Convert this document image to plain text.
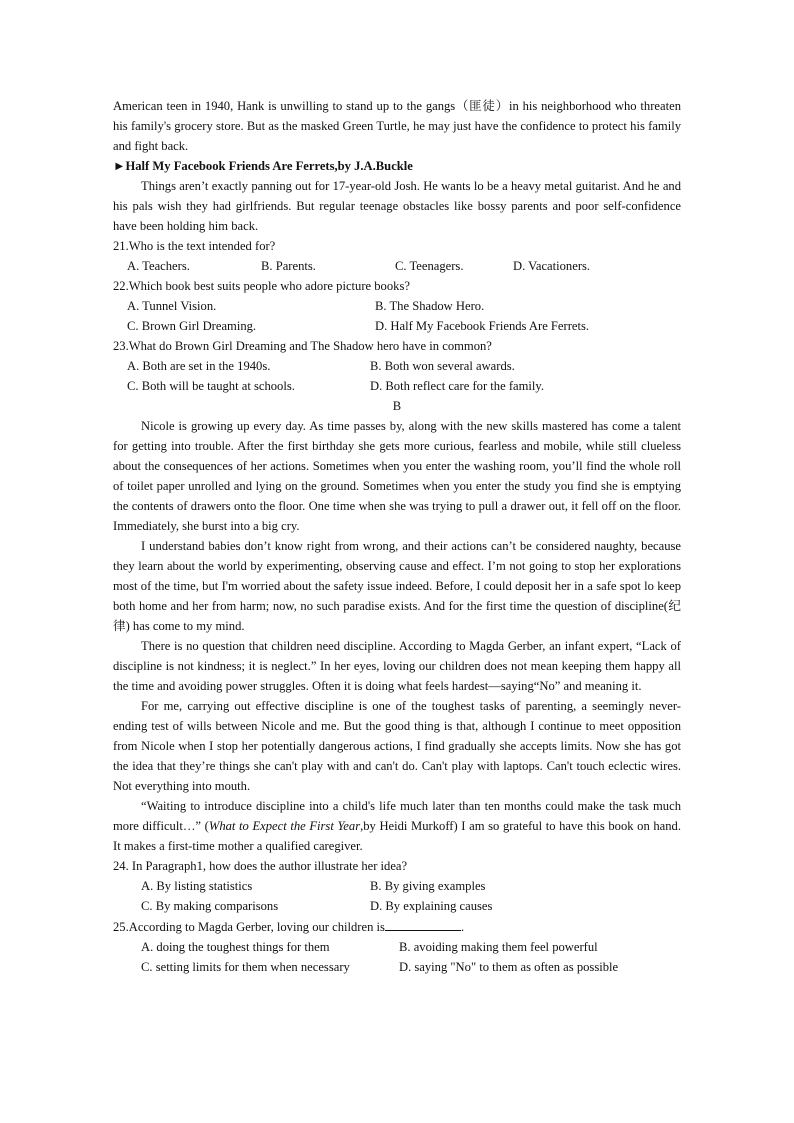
American teen in 1940, Hank is unwilling to stand up to the gangs（匪徒）in his neighborhood who threaten his family's grocery store. But as the masked Green Turtle, he may just have the confidence to protect his family and fight back.

►Half My Facebook Friends Are Ferrets,by J.A.Buckle

Things aren’t exactly panning out for 17-year-old Josh. He wants lo be a heavy metal guitarist. And he and his pals wish they had girlfriends. But regular teenage obstacles like bossy parents and poor self-confidence have been holding him back.

21.Who is the text intended for?

A. Teachers.	B. Parents.	C. Teenagers.	D. Vacationers.

22.Which book best suits people who adore picture books?

A. Tunnel Vision.	B. The Shadow Hero.
C. Brown Girl Dreaming.	D. Half My Facebook Friends Are Ferrets.

23.What do Brown Girl Dreaming and The Shadow hero have in common?

A. Both are set in the 1940s.	B. Both won several awards.
C. Both will be taught at schools.	D. Both reflect care for the family.

B

Nicole is growing up every day. As time passes by, along with the new skills mastered has come a talent for getting into trouble. After the first birthday she gets more curious, fearless and mobile, while still clueless about the consequences of her actions. Sometimes when you enter the washing room, you’ll find the whole roll of toilet paper unrolled and lying on the ground. Sometimes when you enter the study you find she is emptying the contents of drawers onto the floor. One time when she was trying to pull a drawer out, it fell off on the floor. Immediately, she burst into a big cry.

I understand babies don’t know right from wrong, and their actions can’t be considered naughty, because they learn about the world by experimenting, observing cause and effect. I’m not going to stop her explorations most of the time, but I'm worried about the safety issue indeed. Before, I could deposit her in a safe spot lo keep both home and her from harm; now, no such paradise exists. And for the first time the question of discipline(纪律) has come to my mind.

There is no question that children need discipline. According to Magda Gerber, an infant expert, “Lack of discipline is not kindness; it is neglect.” In her eyes, loving our children does not mean keeping them happy all the time and avoiding power struggles. Often it is doing what feels hardest—saying“No” and meaning it.

For me, carrying out effective discipline is one of the toughest tasks of parenting, a seemingly never-ending test of wills between Nicole and me. But the good thing is that, although I continue to meet opposition from Nicole when I stop her potentially dangerous actions, I find gradually she accepts limits. Now she has got the idea that they’re things she can't play with and can't do. Can't play with laptops. Can't touch eclectic wires. Not everything into mouth.

“Waiting to introduce discipline into a child's life much later than ten months could make the task much more difficult…” (What to Expect the First Year,by Heidi Murkoff) I am so grateful to have this book on hand. It makes a first-time mother a qualified caregiver.

24. In Paragraph1, how does the author illustrate her idea?

A. By listing statistics	B. By giving examples
C. By making comparisons	D. By explaining causes

25.According to Magda Gerber, loving our children is	.

A. doing the toughest things for them	B. avoiding making them feel powerful
C. setting limits for them when necessary	D. saying "No" to them as often as possible
